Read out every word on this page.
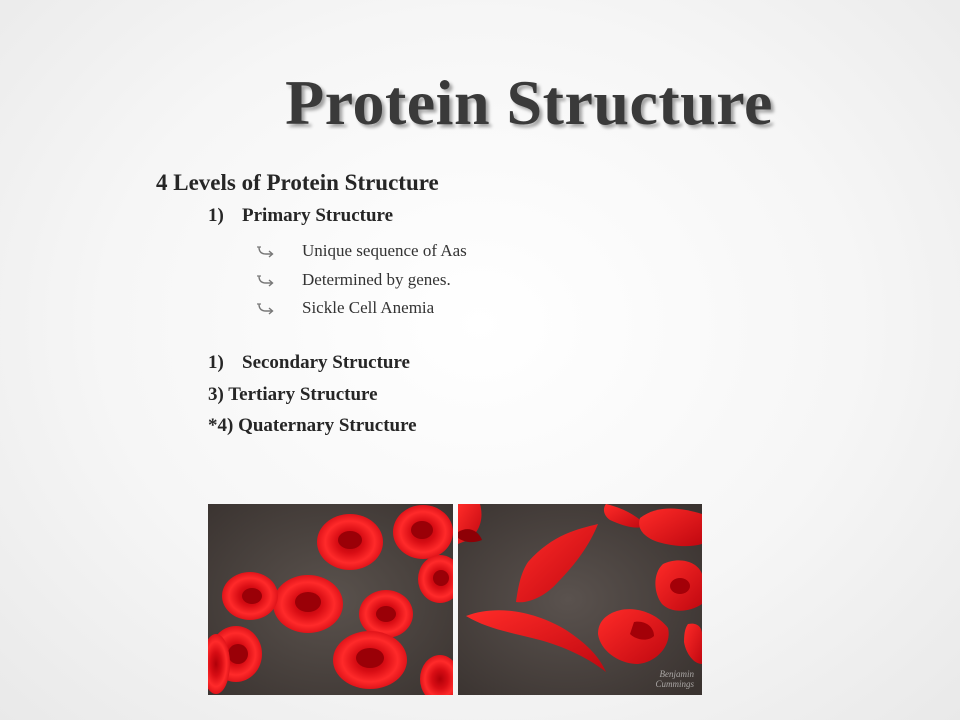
Protein Structure
4 Levels of Protein Structure
1) Primary Structure
Unique sequence of Aas
Determined by genes.
Sickle Cell Anemia
1) Secondary Structure
3) Tertiary Structure
*4) Quaternary Structure
Benjamin
Cummings
